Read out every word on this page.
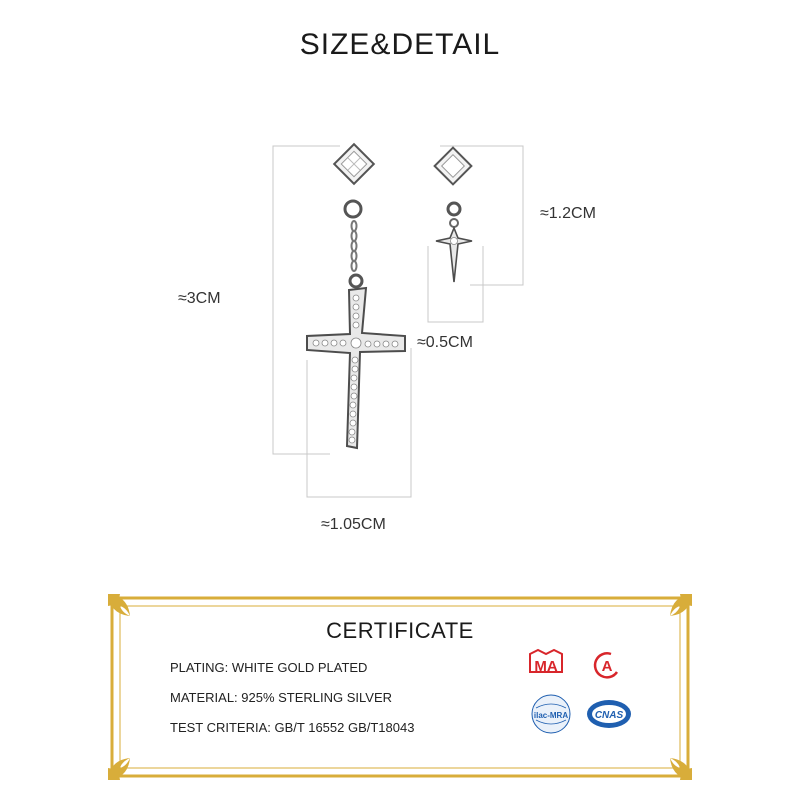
SIZE&DETAIL
≈3CM
≈1.2CM
≈0.5CM
≈1.05CM
CERTIFICATE
PLATING: WHITE GOLD PLATED
MATERIAL: 925% STERLING SILVER
TEST CRITERIA: GB/T 16552 GB/T18043
MA	A
ilac-MRA	CNAS
